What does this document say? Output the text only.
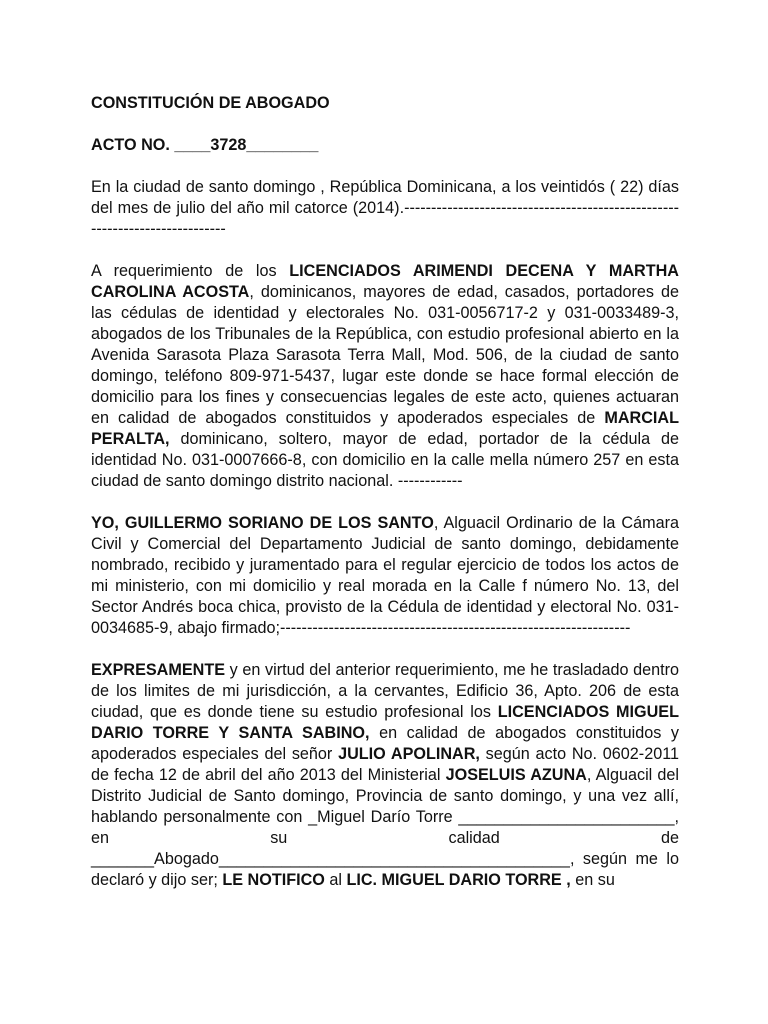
CONSTITUCIÓN DE ABOGADO
ACTO NO. ____3728________

En la ciudad de santo domingo , República Dominicana, a los veintidós ( 22) días del mes de julio del año mil catorce (2014).----------------------------------------------------------------------------

A requerimiento de los LICENCIADOS ARIMENDI DECENA Y MARTHA CAROLINA ACOSTA, dominicanos, mayores de edad, casados, portadores de las cédulas de identidad y electorales No. 031-0056717-2 y 031-0033489-3, abogados de los Tribunales de la República, con estudio profesional abierto en la Avenida Sarasota Plaza Sarasota Terra Mall, Mod. 506, de la ciudad de santo domingo, teléfono 809-971-5437, lugar este donde se hace formal elección de domicilio para los fines y consecuencias legales de este acto, quienes actuaran en calidad de abogados constituidos y apoderados especiales de MARCIAL PERALTA, dominicano, soltero, mayor de edad, portador de la cédula de identidad No. 031-0007666-8, con domicilio en la calle mella número 257 en esta ciudad de santo domingo distrito nacional. ------------

YO, GUILLERMO SORIANO DE LOS SANTO, Alguacil Ordinario de la Cámara Civil y Comercial del Departamento Judicial de santo domingo, debidamente nombrado, recibido y juramentado para el regular ejercicio de todos los actos de mi ministerio, con mi domicilio y real morada en la Calle f número No. 13, del Sector Andrés boca chica, provisto de la Cédula de identidad y electoral No. 031-0034685-9, abajo firmado;-----------------------------------------------------------------

EXPRESAMENTE y en virtud del anterior requerimiento, me he trasladado dentro de los limites de mi jurisdicción, a la cervantes, Edificio 36, Apto. 206 de esta ciudad, que es donde tiene su estudio profesional los LICENCIADOS MIGUEL DARIO TORRE Y SANTA SABINO, en calidad de abogados constituidos y apoderados especiales del señor JULIO APOLINAR, según acto No. 0602-2011 de fecha 12 de abril del año 2013 del Ministerial JOSELUIS AZUNA, Alguacil del Distrito Judicial de Santo domingo, Provincia de santo domingo, y una vez allí, hablando personalmente con _Miguel Darío Torre ________________________, en su calidad de _______Abogado_______________________________________, según me lo declaró y dijo ser; LE NOTIFICO al LIC. MIGUEL DARIO TORRE , en su
